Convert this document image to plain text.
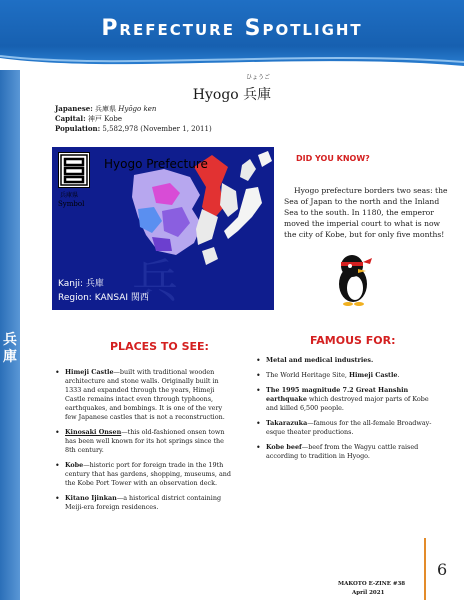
Prefecture Spotlight
兵庫
ひょうご
Hyogo 兵庫
Japanese: 兵庫県 Hyōgo ken
Capital: 神戸 Kobe
Population: 5,582,978 (November 1, 2011)
兵
Hyogo Prefecture
兵庫県
Symbol
Kanji: 兵庫
Region: KANSAI 関西
DID YOU KNOW?
Hyogo prefecture borders two seas: the Sea of Japan to the north and the Inland Sea to the south. In 1180, the emperor moved the imperial court to what is now the city of Kobe, but for only five months!
PLACES TO SEE:
• Himeji Castle—built with traditional wooden architecture and stone walls. Originally built in 1333 and expanded through the years, Himeji Castle remains intact even through typhoons, earthquakes, and bombings. It is one of the very few Japanese castles that is not a reconstruction.
• Kinosaki Onsen—this old-fashioned onsen town has been well known for its hot springs since the 8th century.
• Kobe—historic port for foreign trade in the 19th century that has gardens, shopping, museums, and the Kobe Port Tower with an observation deck.
• Kitano Ijinkan—a historical district containing Meiji-era foreign residences.
FAMOUS FOR:
• Metal and medical industries.
• The World Heritage Site, Himeji Castle.
• The 1995 magnitude 7.2 Great Hanshin earthquake which destroyed major parts of Kobe and killed 6,500 people.
• Takarazuka—famous for the all-female Broadway-esque theater productions.
• Kobe beef—beef from the Wagyu cattle raised according to tradition in Hyogo.
6
MAKOTO E-ZINE #38
April 2021
